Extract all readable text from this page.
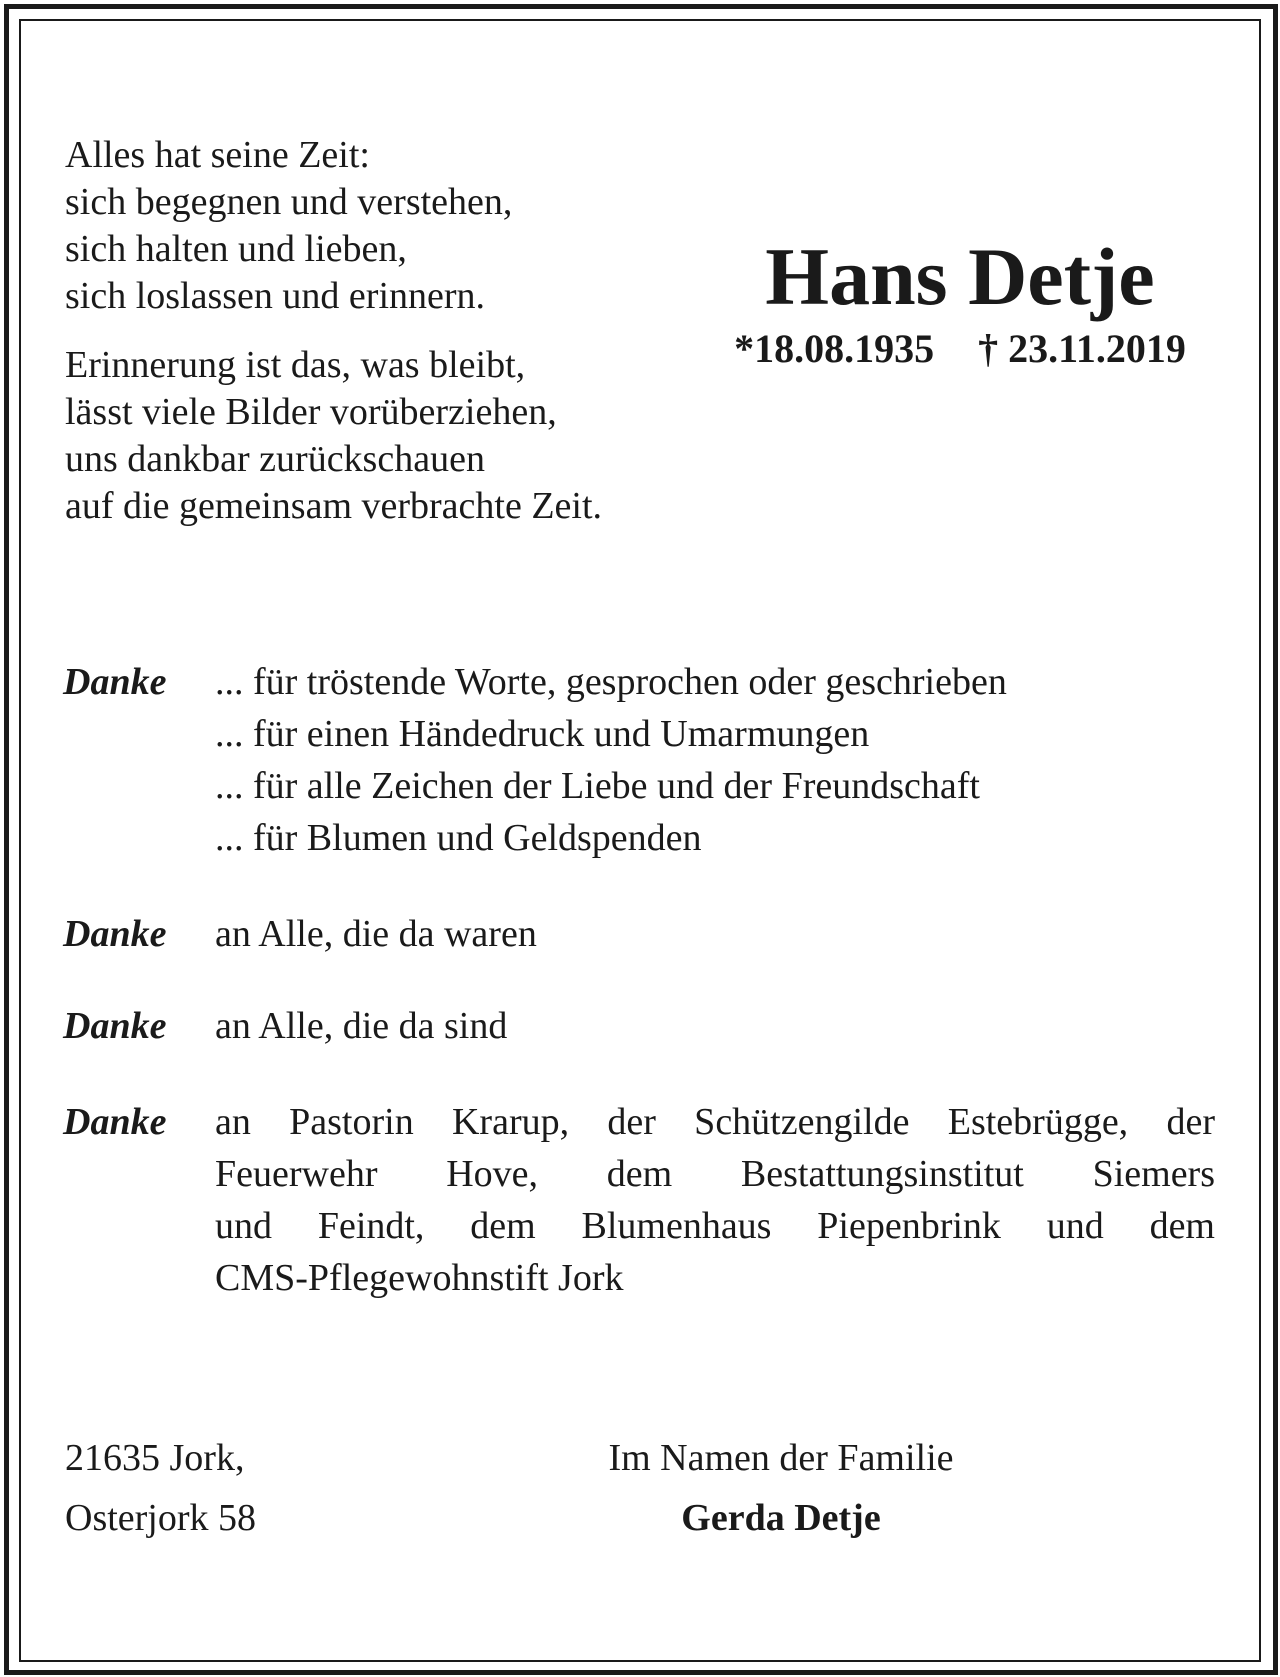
Alles hat seine Zeit:
sich begegnen und verstehen,
sich halten und lieben,
sich loslassen und erinnern.

Erinnerung ist das, was bleibt,
lässt viele Bilder vorüberziehen,
uns dankbar zurückschauen
auf die gemeinsam verbrachte Zeit.

Hans Detje
*18.08.1935 † 23.11.2019
Danke ... für tröstende Worte, gesprochen oder geschrieben
... für einen Händedruck und Umarmungen
... für alle Zeichen der Liebe und der Freundschaft
... für Blumen und Geldspenden
Danke an Alle, die da waren
Danke an Alle, die da sind
Danke an Pastorin Krarup, der Schützengilde Estebrügge, der
Feuerwehr Hove, dem Bestattungsinstitut Siemers
und Feindt, dem Blumenhaus Piepenbrink und dem
CMS-Pflegewohnstift Jork
21635 Jork,
Osterjork 58
Im Namen der Familie
Gerda Detje
